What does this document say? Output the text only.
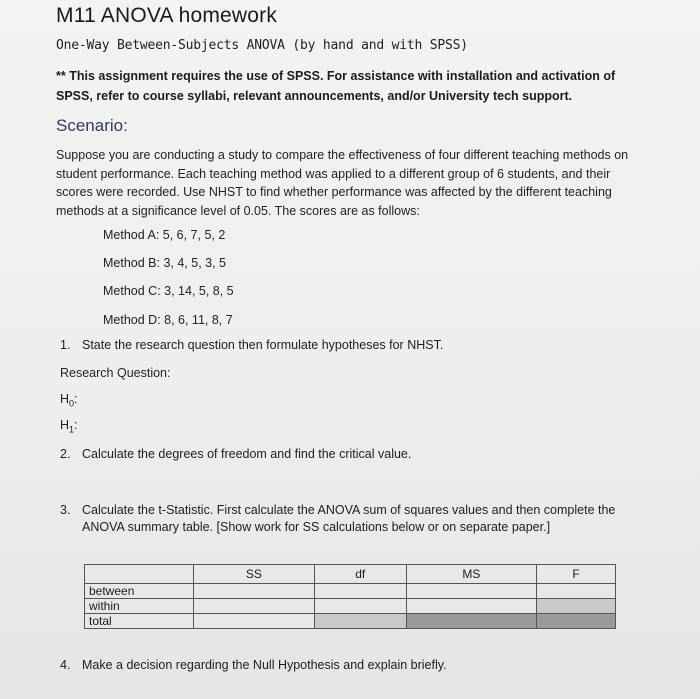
M11 ANOVA homework
One-Way Between-Subjects ANOVA (by hand and with SPSS)
** This assignment requires the use of SPSS. For assistance with installation and activation of SPSS, refer to course syllabi, relevant announcements, and/or University tech support.
Scenario:
Suppose you are conducting a study to compare the effectiveness of four different teaching methods on student performance. Each teaching method was applied to a different group of 6 students, and their scores were recorded. Use NHST to find whether performance was affected by the different teaching methods at a significance level of 0.05. The scores are as follows:
Method A: 5, 6, 7, 5, 2
Method B: 3, 4, 5, 3, 5
Method C: 3, 14, 5, 8, 5
Method D: 8, 6, 11, 8, 7
1. State the research question then formulate hypotheses for NHST.
Research Question:
$H_0$:
$H_1$:
2. Calculate the degrees of freedom and find the critical value.
3. Calculate the t-Statistic. First calculate the ANOVA sum of squares values and then complete the
ANOVA summary table. [Show work for SS calculations below or on separate paper.]
	SS	df	MS	F
between				
within				
total				
4. Make a decision regarding the Null Hypothesis and explain briefly.
